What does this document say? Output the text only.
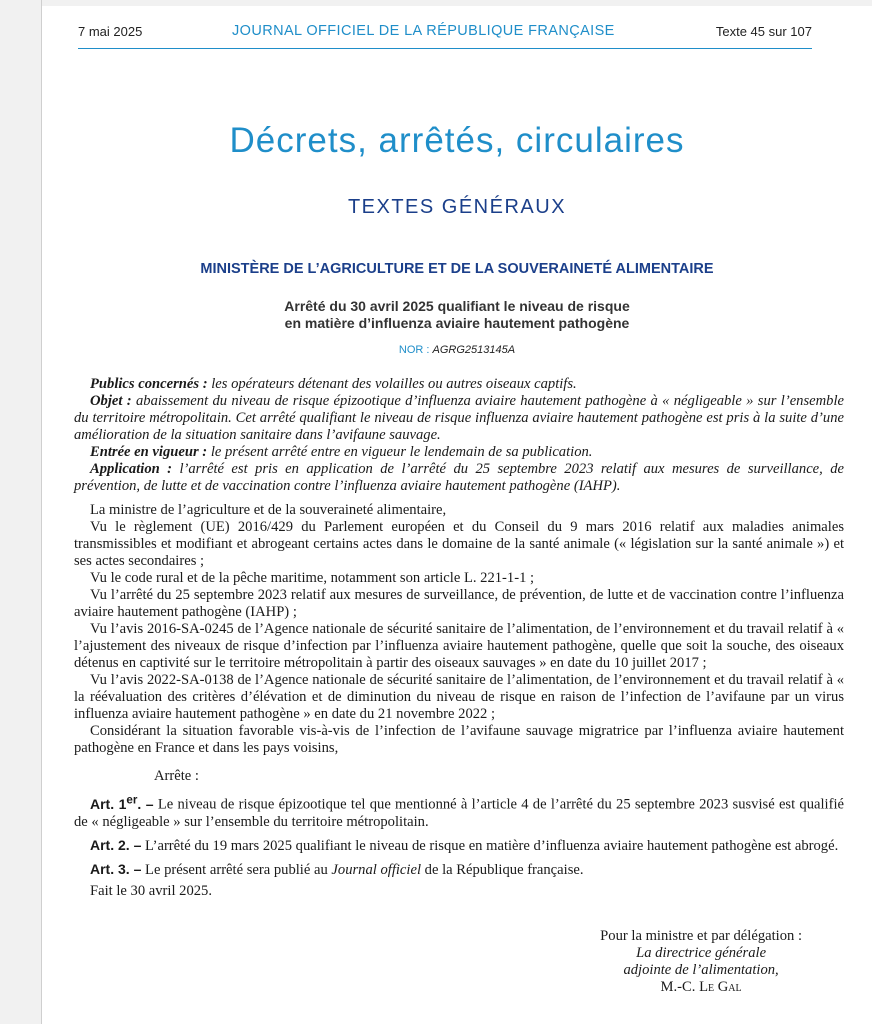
7 mai 2025	JOURNAL OFFICIEL DE LA RÉPUBLIQUE FRANÇAISE	Texte 45 sur 107
Décrets, arrêtés, circulaires
TEXTES GÉNÉRAUX
MINISTÈRE DE L’AGRICULTURE ET DE LA SOUVERAINETÉ ALIMENTAIRE
Arrêté du 30 avril 2025 qualifiant le niveau de risque
en matière d’influenza aviaire hautement pathogène
NOR : AGRG2513145A

Publics concernés : les opérateurs détenant des volailles ou autres oiseaux captifs.

Objet : abaissement du niveau de risque épizootique d’influenza aviaire hautement pathogène à « négligeable » sur l’ensemble du territoire métropolitain. Cet arrêté qualifiant le niveau de risque influenza aviaire hautement pathogène est pris à la suite d’une amélioration de la situation sanitaire dans l’avifaune sauvage.

Entrée en vigueur : le présent arrêté entre en vigueur le lendemain de sa publication.

Application : l’arrêté est pris en application de l’arrêté du 25 septembre 2023 relatif aux mesures de surveillance, de prévention, de lutte et de vaccination contre l’influenza aviaire hautement pathogène (IAHP).

La ministre de l’agriculture et de la souveraineté alimentaire,

Vu le règlement (UE) 2016/429 du Parlement européen et du Conseil du 9 mars 2016 relatif aux maladies animales transmissibles et modifiant et abrogeant certains actes dans le domaine de la santé animale (« législation sur la santé animale ») et ses actes secondaires ;

Vu le code rural et de la pêche maritime, notamment son article L. 221-1-1 ;

Vu l’arrêté du 25 septembre 2023 relatif aux mesures de surveillance, de prévention, de lutte et de vaccination contre l’influenza aviaire hautement pathogène (IAHP) ;

Vu l’avis 2016-SA-0245 de l’Agence nationale de sécurité sanitaire de l’alimentation, de l’environnement et du travail relatif à « l’ajustement des niveaux de risque d’infection par l’influenza aviaire hautement pathogène, quelle que soit la souche, des oiseaux détenus en captivité sur le territoire métropolitain à partir des oiseaux sauvages » en date du 10 juillet 2017 ;

Vu l’avis 2022-SA-0138 de l’Agence nationale de sécurité sanitaire de l’alimentation, de l’environnement et du travail relatif à « la réévaluation des critères d’élévation et de diminution du niveau de risque en raison de l’infection de l’avifaune par un virus influenza aviaire hautement pathogène » en date du 21 novembre 2022 ;

Considérant la situation favorable vis-à-vis de l’infection de l’avifaune sauvage migratrice par l’influenza aviaire hautement pathogène en France et dans les pays voisins,

Arrête :

Art. 1er. – Le niveau de risque épizootique tel que mentionné à l’article 4 de l’arrêté du 25 septembre 2023 susvisé est qualifié de « négligeable » sur l’ensemble du territoire métropolitain.

Art. 2. – L’arrêté du 19 mars 2025 qualifiant le niveau de risque en matière d’influenza aviaire hautement pathogène est abrogé.

Art. 3. – Le présent arrêté sera publié au Journal officiel de la République française.

Fait le 30 avril 2025.

Pour la ministre et par délégation :
La directrice générale
adjointe de l’alimentation,
M.-C. Le Gal
